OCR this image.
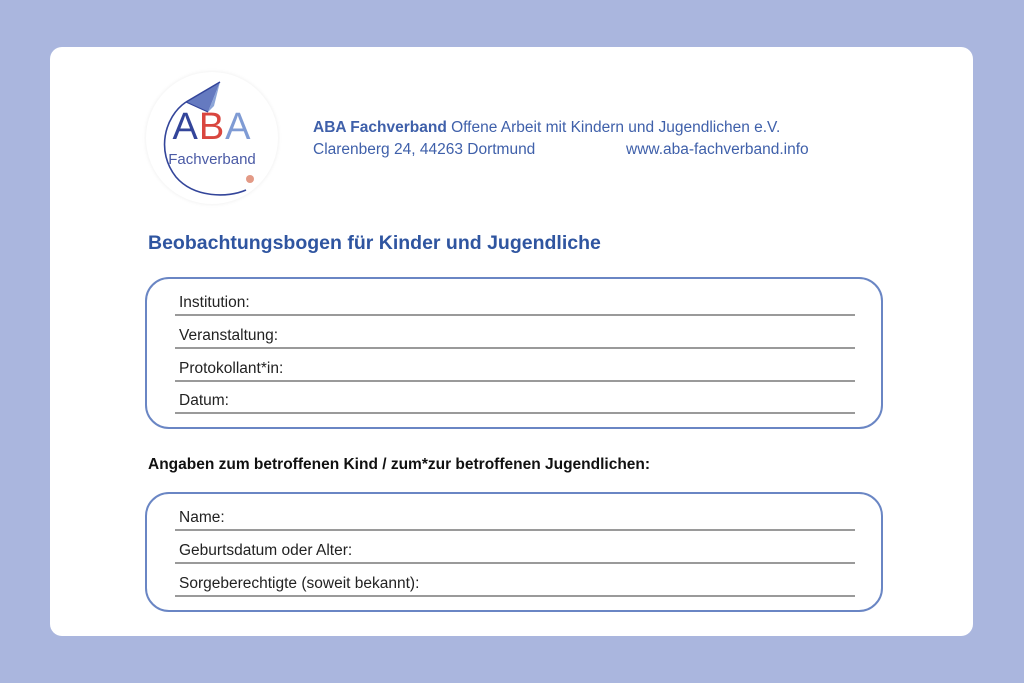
ABA
Fachverband
ABA Fachverband Offene Arbeit mit Kindern und Jugendlichen e.V.
Clarenberg 24, 44263 Dortmund	www.aba-fachverband.info
Beobachtungsbogen für Kinder und Jugendliche
Institution:
Veranstaltung:
Protokollant*in:
Datum:
Angaben zum betroffenen Kind / zum*zur betroffenen Jugendlichen:
Name:
Geburtsdatum oder Alter:
Sorgeberechtigte (soweit bekannt):
